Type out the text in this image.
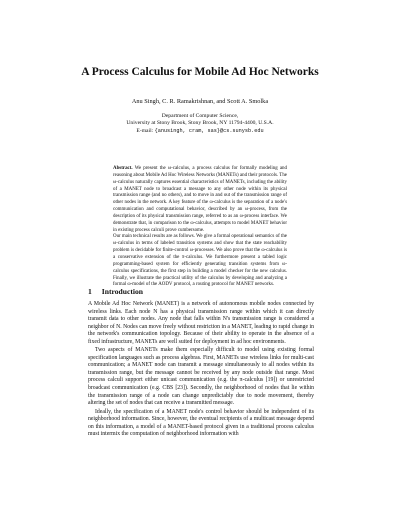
A Process Calculus for Mobile Ad Hoc Networks
Anu Singh, C. R. Ramakrishnan, and Scott A. Smolka
Department of Computer Science,
University at Stony Brook, Stony Brook, NY 11794-4400, U.S.A.
E-mail: {anusingh, cram, sas}@cs.sunysb.edu

Abstract. We present the ω-calculus, a process calculus for formally modeling and reasoning about Mobile Ad Hoc Wireless Networks (MANETs) and their protocols. The ω-calculus naturally captures essential characteristics of MANETs, including the ability of a MANET node to broadcast a message to any other node within its physical transmission range (and no others), and to move in and out of the transmission range of other nodes in the network. A key feature of the ω-calculus is the separation of a node's communication and computational behavior, described by an ω-process, from the description of its physical transmission range, referred to as an ω-process interface. We demonstrate that, in comparison to the ω-calculus, attempts to model MANET behavior in existing process calculi prove cumbersome.

Our main technical results are as follows. We give a formal operational semantics of the ω-calculus in terms of labeled transition systems and show that the state reachability problem is decidable for finite-control ω-processes. We also prove that the ω-calculus is a conservative extension of the π-calculus. We furthermore present a tabled logic programming-based system for efficiently generating transition systems from ω-calculus specifications, the first step in building a model checker for the new calculus. Finally, we illustrate the practical utility of the calculus by developing and analyzing a formal ω-model of the AODV protocol, a routing protocol for MANET networks.

1 Introduction

A Mobile Ad Hoc Network (MANET) is a network of autonomous mobile nodes connected by wireless links. Each node N has a physical transmission range within which it can directly transmit data to other nodes. Any node that falls within N's transmission range is considered a neighbor of N. Nodes can move freely without restriction in a MANET, leading to rapid change in the network's communication topology. Because of their ability to operate in the absence of a fixed infrastructure, MANETs are well suited for deployment in ad hoc environments.

Two aspects of MANETs make them especially difficult to model using existing formal specification languages such as process algebras. First, MANETs use wireless links for multi-cast communication; a MANET node can transmit a message simultaneously to all nodes within its transmission range, but the message cannot be received by any node outside that range. Most process calculi support either unicast communication (e.g. the π-calculus [19]) or unrestricted broadcast communication (e.g. CBS [23]). Secondly, the neighborhood of nodes that lie within the transmission range of a node can change unpredictably due to node movement, thereby altering the set of nodes that can receive a transmitted message.

Ideally, the specification of a MANET node's control behavior should be independent of its neighborhood information. Since, however, the eventual recipients of a multicast message depend on this information, a model of a MANET-based protocol given in a traditional process calculus must intermix the computation of neighborhood information with
